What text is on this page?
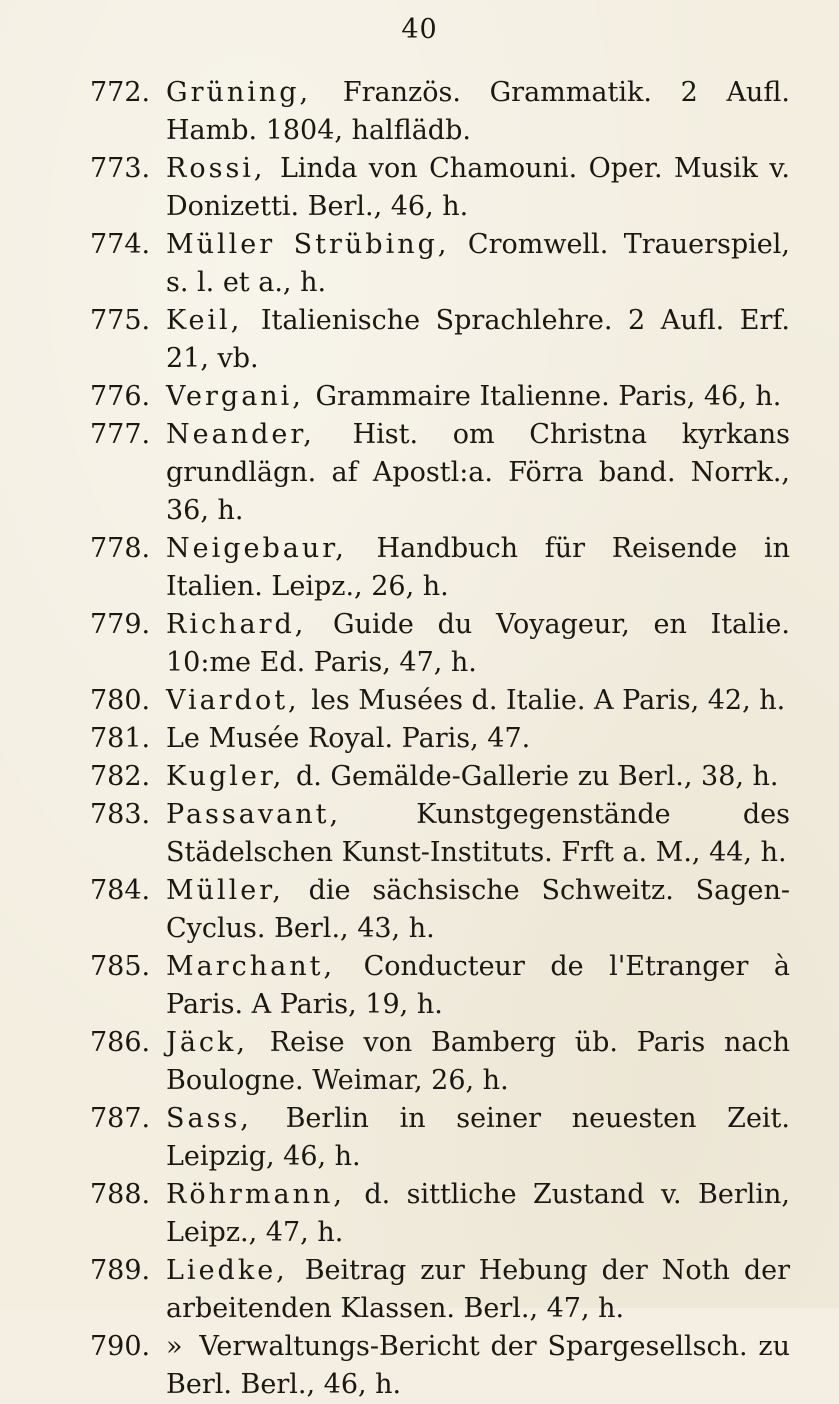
40
772. Grüning, Französ. Grammatik. 2 Aufl. Hamb. 1804, halflädb.
773. Rossi, Linda von Chamouni. Oper. Musik v. Donizetti. Berl., 46, h.
774. Müller Strübing, Cromwell. Trauerspiel, s. l. et a., h.
775. Keil, Italienische Sprachlehre. 2 Aufl. Erf. 21, vb.
776. Vergani, Grammaire Italienne. Paris, 46, h.
777. Neander, Hist. om Christna kyrkans grundlägn. af Apostl:a. Förra band. Norrk., 36, h.
778. Neigebaur, Handbuch für Reisende in Italien. Leipz., 26, h.
779. Richard, Guide du Voyageur, en Italie. 10:me Ed. Paris, 47, h.
780. Viardot, les Musées d. Italie. A Paris, 42, h.
781. Le Musée Royal. Paris, 47.
782. Kugler, d. Gemälde-Gallerie zu Berl., 38, h.
783. Passavant, Kunstgegenstände des Städelschen Kunst-Instituts. Frft a. M., 44, h.
784. Müller, die sächsische Schweitz. Sagen-Cyclus. Berl., 43, h.
785. Marchant, Conducteur de l'Etranger à Paris. A Paris, 19, h.
786. Jäck, Reise von Bamberg üb. Paris nach Boulogne. Weimar, 26, h.
787. Sass, Berlin in seiner neuesten Zeit. Leipzig, 46, h.
788. Röhrmann, d. sittliche Zustand v. Berlin, Leipz., 47, h.
789. Liedke, Beitrag zur Hebung der Noth der arbeitenden Klassen. Berl., 47, h.
790. » Verwaltungs-Bericht der Spargesellsch. zu Berl. Berl., 46, h.
